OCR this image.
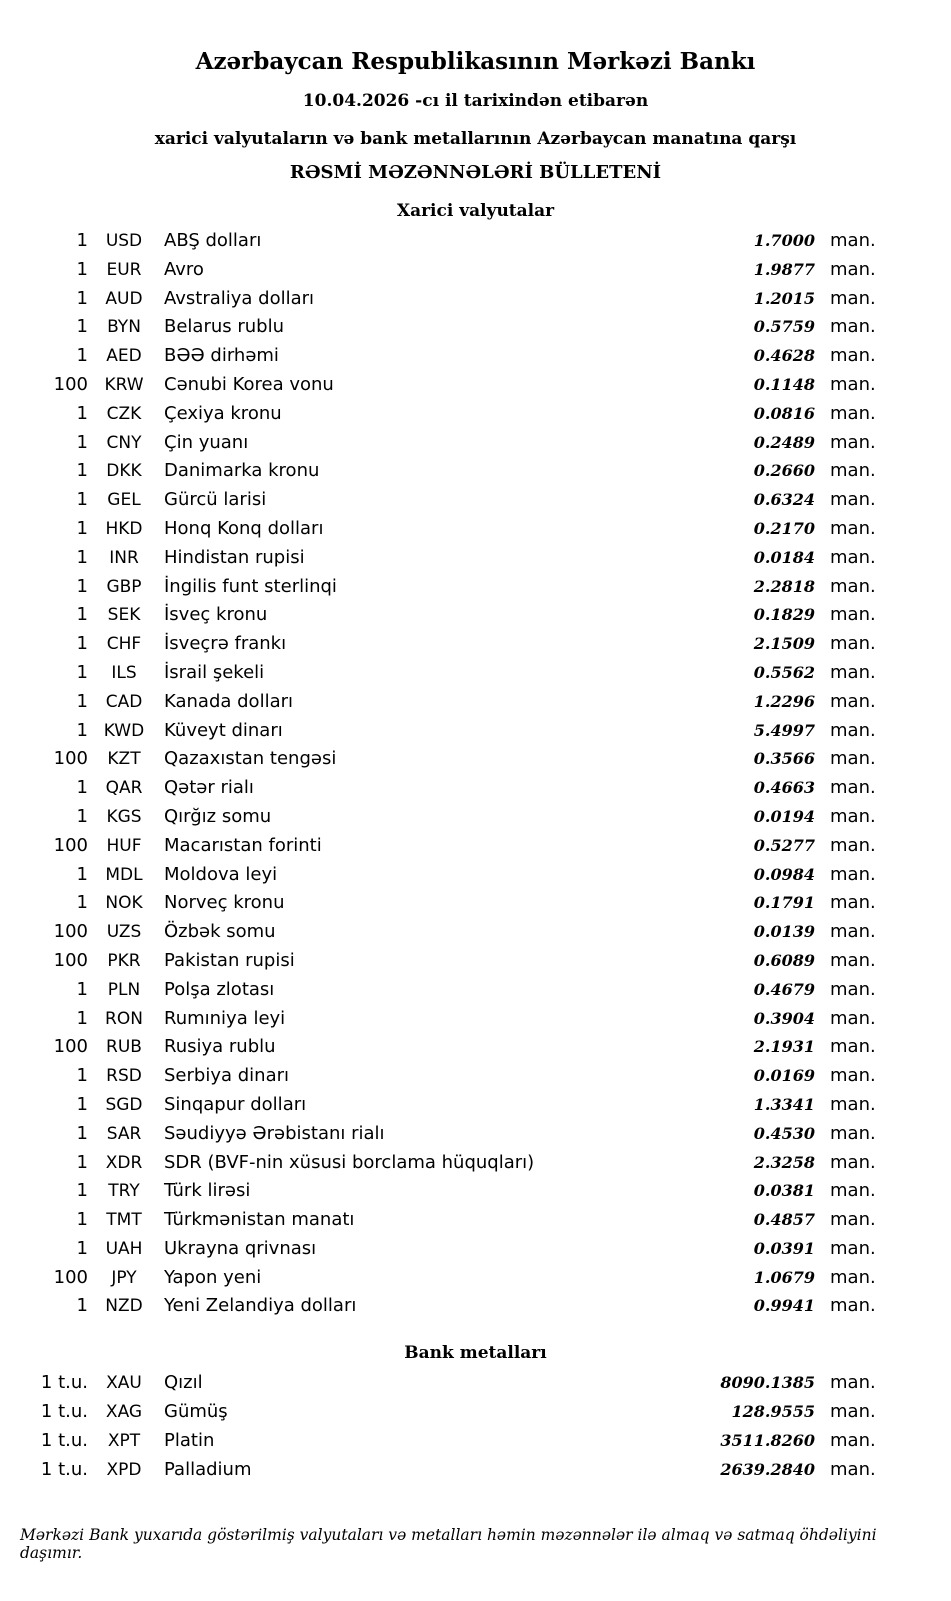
Azərbaycan Respublikasının Mərkəzi Bankı
10.04.2026 -cı il tarixindən etibarən
xarici valyutaların və bank metallarının Azərbaycan manatına qarşı
RƏSMİ MƏZƏNNƏLƏRİ BÜLLETENİ
Xarici valyutalar
1	USD	ABŞ dolları	1.7000 man.
1	EUR	Avro	1.9877 man.
1	AUD	Avstraliya dolları	1.2015 man.
1	BYN	Belarus rublu	0.5759 man.
1	AED	BƏƏ dirhəmi	0.4628 man.
100 KRW	Cənubi Korea vonu	0.1148 man.
1	CZK	Çexiya kronu	0.0816 man.
1	CNY	Çin yuanı	0.2489 man.
1	DKK	Danimarka kronu	0.2660 man.
1	GEL	Gürcü larisi	0.6324 man.
1	HKD	Honq Konq dolları	0.2170 man.
1	INR	Hindistan rupisi	0.0184 man.
1	GBP	İngilis funt sterlinqi	2.2818 man.
1	SEK	İsveç kronu	0.1829 man.
1	CHF	İsveçrə frankı	2.1509 man.
1	ILS	İsrail şekeli	0.5562 man.
1	CAD	Kanada dolları	1.2296 man.
1 KWD	Küveyt dinarı	5.4997 man.
100	KZT	Qazaxıstan tengəsi	0.3566 man.
1	QAR	Qətər rialı	0.4663 man.
1	KGS	Qırğız somu	0.0194 man.
100	HUF	Macarıstan forinti	0.5277 man.
1	MDL	Moldova leyi	0.0984 man.
1	NOK	Norveç kronu	0.1791 man.
100	UZS	Özbək somu	0.0139 man.
100	PKR	Pakistan rupisi	0.6089 man.
1	PLN	Polşa zlotası	0.4679 man.
1	RON	Rumıniya leyi	0.3904 man.
100	RUB	Rusiya rublu	2.1931 man.
1	RSD	Serbiya dinarı	0.0169 man.
1	SGD	Sinqapur dolları	1.3341 man.
1	SAR	Səudiyyə Ərəbistanı rialı	0.4530 man.
1	XDR	SDR (BVF-nin xüsusi borclama hüquqları)	2.3258 man.
1	TRY	Türk lirəsi	0.0381 man.
1	TMT	Türkmənistan manatı	0.4857 man.
1	UAH	Ukrayna qrivnası	0.0391 man.
100	JPY	Yapon yeni	1.0679 man.
1	NZD	Yeni Zelandiya dolları	0.9941 man.
Bank metalları
1 t.u.	XAU	Qızıl	8090.1385 man.
1 t.u.	XAG	Gümüş	128.9555 man.
1 t.u.	XPT	Platin	3511.8260 man.
1 t.u.	XPD	Palladium	2639.2840 man.
Mərkəzi Bank yuxarıda göstərilmiş valyutaları və metalları həmin məzənnələr ilə almaq və satmaq öhdəliyini daşımır.
